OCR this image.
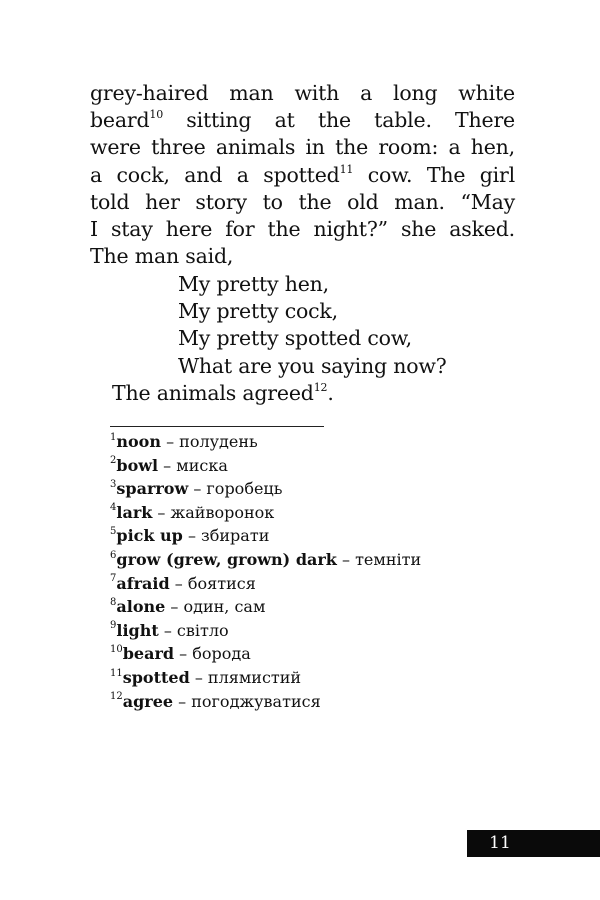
grey-haired man with a long white
beard$^{10}$ sitting at the table. There
were three animals in the room: a hen,
a cock, and a spotted$^{11}$ cow. The girl
told her story to the old man. “May
I stay here for the night?” she asked.
The man said,
My pretty hen,
My pretty cock,
My pretty spotted cow,
What are you saying now?
The animals agreed$^{12}$.
$^1$noon – полудень
$^2$bowl – миска
$^3$sparrow – горобець
$^4$lark – жайворонок
$^5$pick up – збирати
$^6$grow (grew, grown) dark – темніти
$^7$afraid – боятися
$^8$alone – один, сам
$^9$light – світло
$^{10}$beard – борода
$^{11}$spotted – плямистий
$^{12}$agree – погоджуватися
11
